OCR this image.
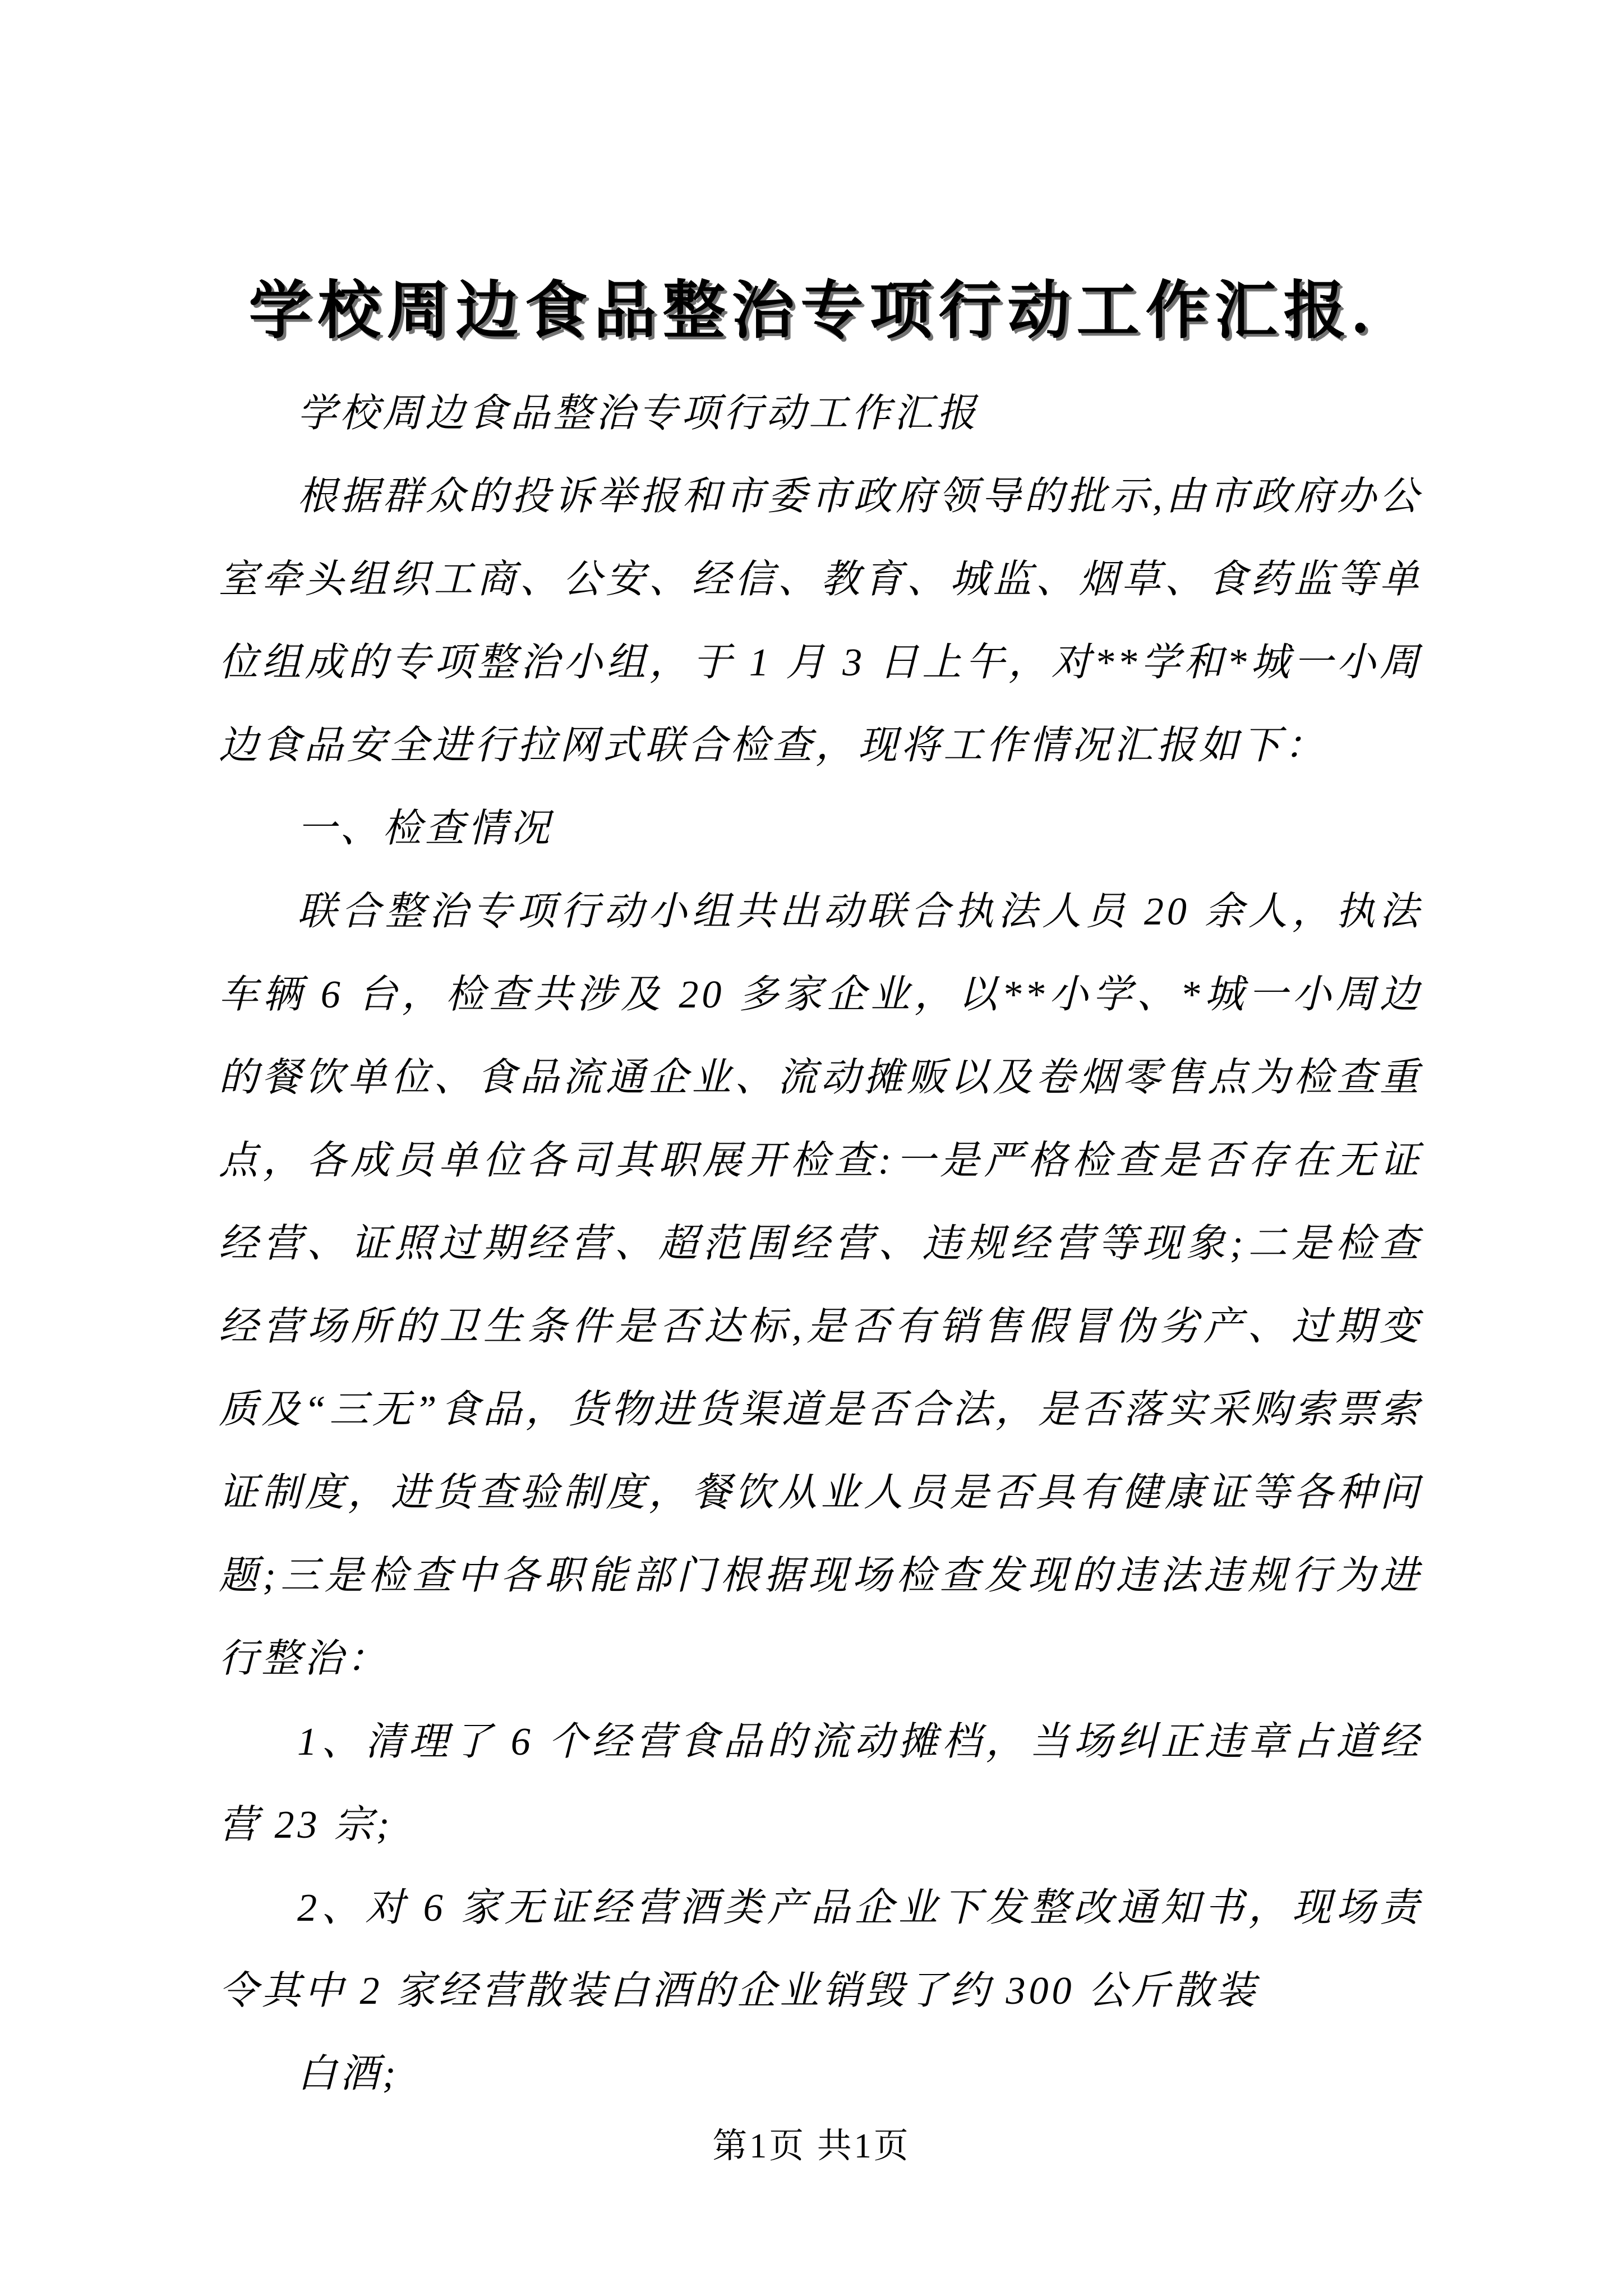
学校周边食品整治专项行动工作汇报.

学校周边食品整治专项行动工作汇报

根据群众的投诉举报和市委市政府领导的批示,由市政府办公室牵头组织工商、公安、经信、教育、城监、烟草、食药监等单位组成的专项整治小组，于 1 月 3 日上午，对**学和*城一小周边食品安全进行拉网式联合检查，现将工作情况汇报如下：

一、检查情况

联合整治专项行动小组共出动联合执法人员 20 余人，执法车辆 6 台，检查共涉及 20 多家企业，以**小学、*城一小周边的餐饮单位、食品流通企业、流动摊贩以及卷烟零售点为检查重点，各成员单位各司其职展开检查:一是严格检查是否存在无证经营、证照过期经营、超范围经营、违规经营等现象;二是检查经营场所的卫生条件是否达标,是否有销售假冒伪劣产、过期变质及“三无”食品，货物进货渠道是否合法，是否落实采购索票索证制度，进货查验制度，餐饮从业人员是否具有健康证等各种问题;三是检查中各职能部门根据现场检查发现的违法违规行为进行整治：

1、清理了 6 个经营食品的流动摊档，当场纠正违章占道经营 23 宗;

2、对 6 家无证经营酒类产品企业下发整改通知书，现场责令其中 2 家经营散装白酒的企业销毁了约 300 公斤散装

白酒;

第1页 共1页
